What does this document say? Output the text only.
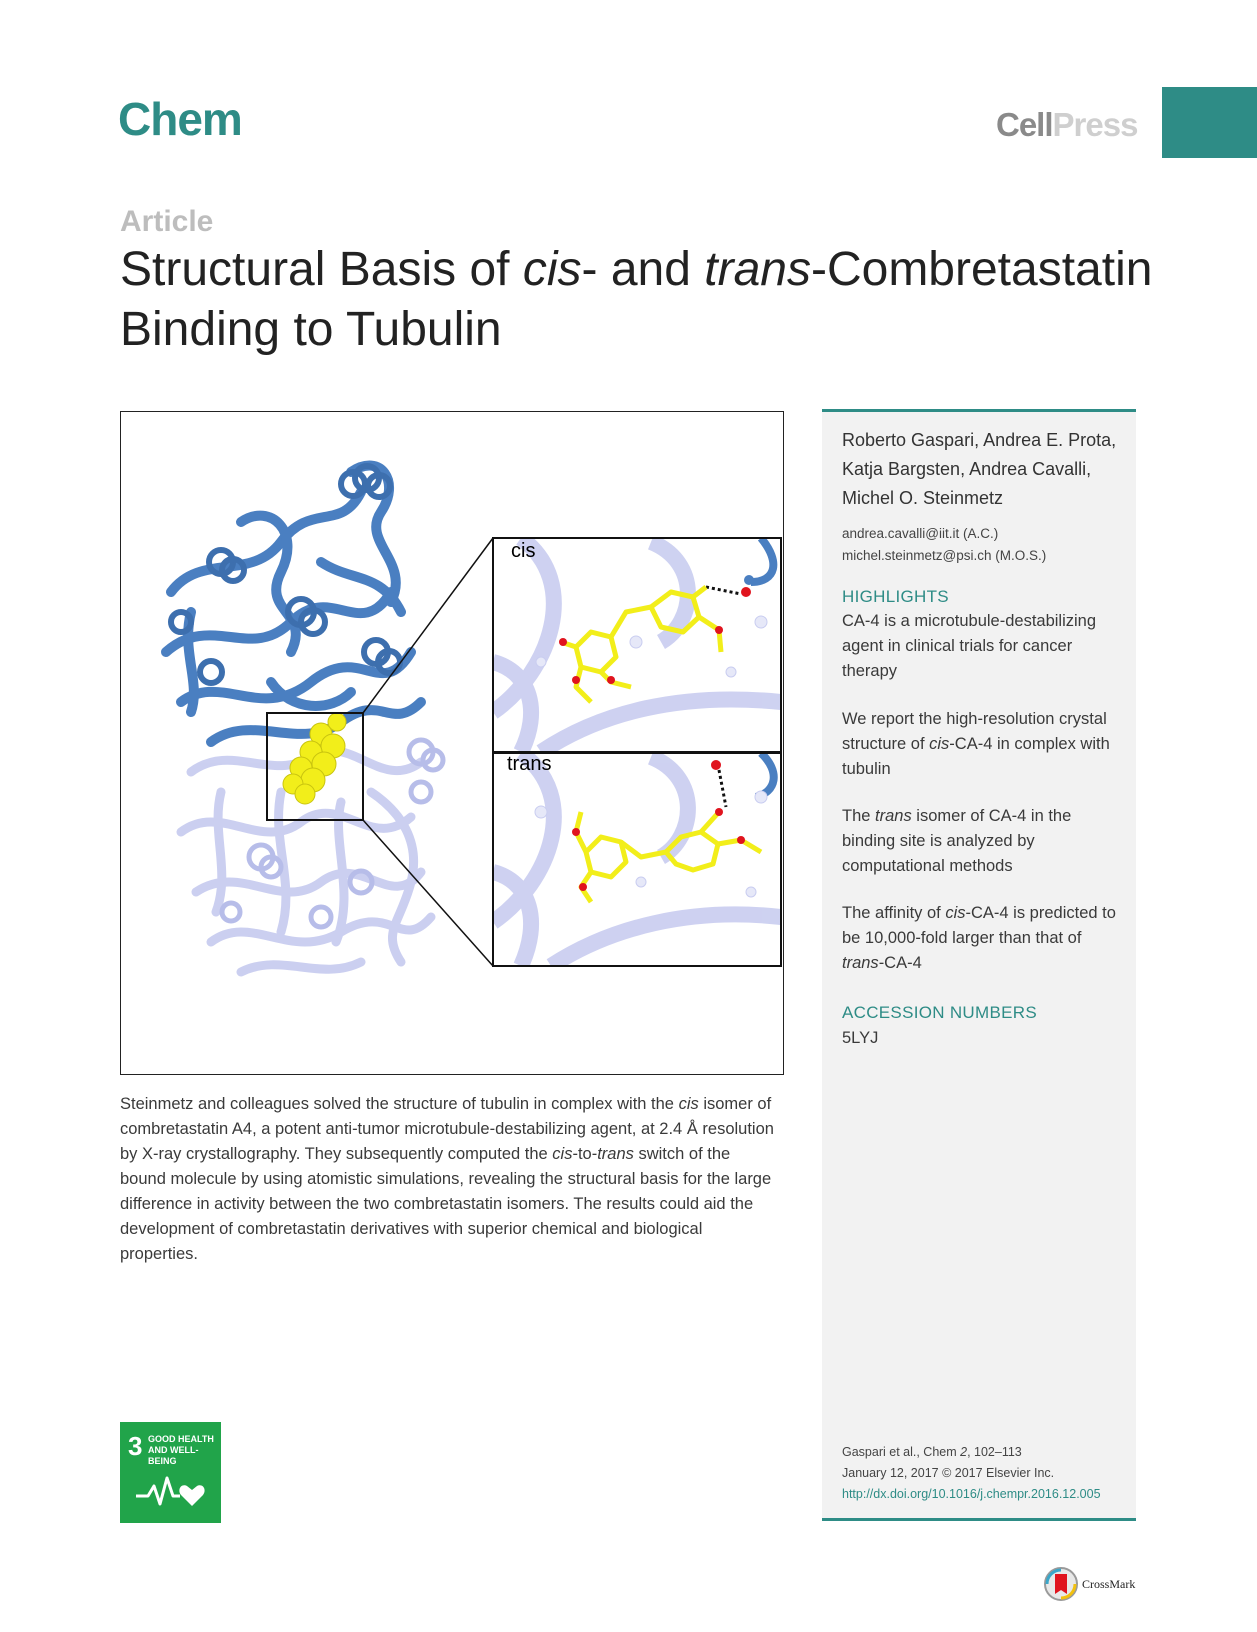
Chem	CellPress
Article
Structural Basis of cis- and trans-Combretastatin Binding to Tubulin
cis
trans

Steinmetz and colleagues solved the structure of tubulin in complex with the cis isomer of combretastatin A4, a potent anti-tumor microtubule-destabilizing agent, at 2.4 Å resolution by X-ray crystallography. They subsequently computed the cis-to-trans switch of the bound molecule by using atomistic simulations, revealing the structural basis for the large difference in activity between the two combretastatin isomers. The results could aid the development of combretastatin derivatives with superior chemical and biological properties.

Roberto Gaspari, Andrea E. Prota, Katja Bargsten, Andrea Cavalli, Michel O. Steinmetz

andrea.cavalli@iit.it (A.C.)
michel.steinmetz@psi.ch (M.O.S.)
HIGHLIGHTS

CA-4 is a microtubule-destabilizing agent in clinical trials for cancer therapy

We report the high-resolution crystal structure of cis-CA-4 in complex with tubulin

The trans isomer of CA-4 in the binding site is analyzed by computational methods

The affinity of cis-CA-4 is predicted to be 10,000-fold larger than that of trans-CA-4

ACCESSION NUMBERS
5LYJ
Gaspari et al., Chem 2, 102–113
January 12, 2017 © 2017 Elsevier Inc.
http://dx.doi.org/10.1016/j.chempr.2016.12.005
3 GOOD HEALTH
AND WELL-BEING
CrossMark
